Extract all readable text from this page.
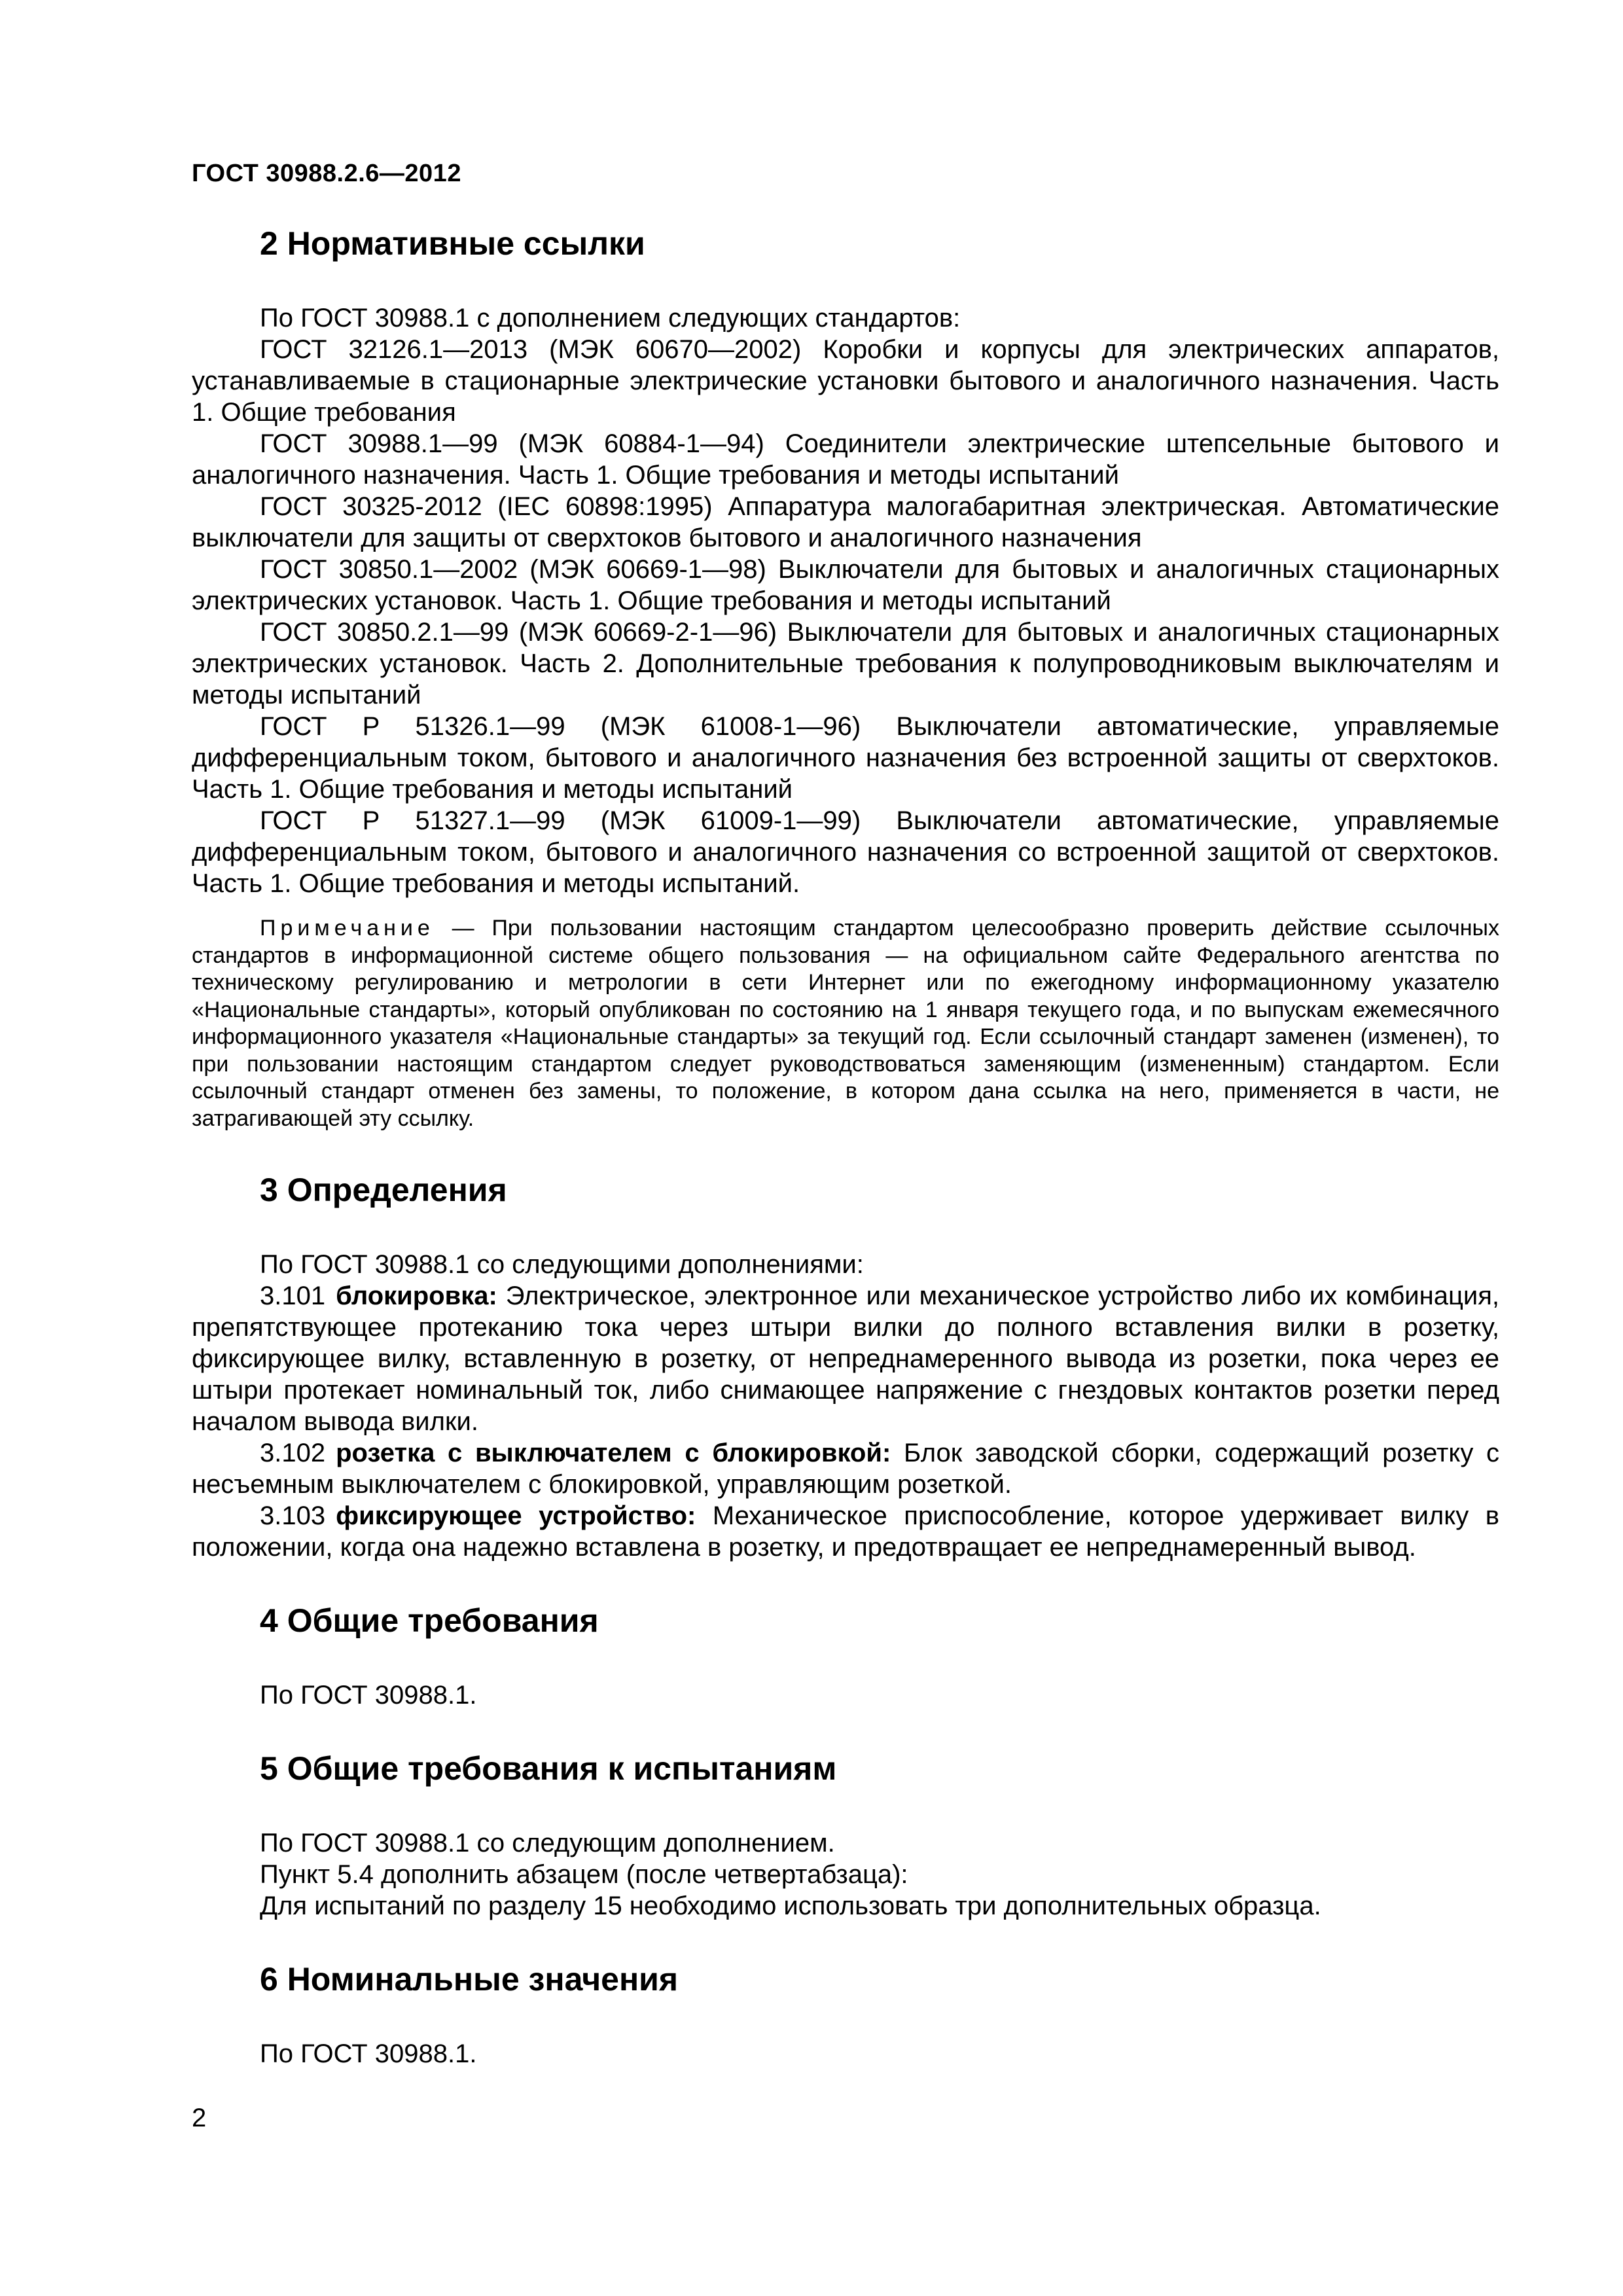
ГОСТ 30988.2.6—2012
2 Нормативные ссылки

По ГОСТ 30988.1 с дополнением следующих стандартов:

ГОСТ 32126.1—2013 (МЭК 60670—2002) Коробки и корпусы для электрических аппаратов, устанавливаемые в стационарные электрические установки бытового и аналогичного назначения. Часть 1. Общие требования

ГОСТ 30988.1—99 (МЭК 60884-1—94) Соединители электрические штепсельные бытового и аналогичного назначения. Часть 1. Общие требования и методы испытаний

ГОСТ 30325-2012 (IEC 60898:1995) Аппаратура малогабаритная электрическая. Автоматические выключатели для защиты от сверхтоков бытового и аналогичного назначения

ГОСТ 30850.1—2002 (МЭК 60669-1—98) Выключатели для бытовых и аналогичных стационарных электрических установок. Часть 1. Общие требования и методы испытаний

ГОСТ 30850.2.1—99 (МЭК 60669-2-1—96) Выключатели для бытовых и аналогичных стационарных электрических установок. Часть 2. Дополнительные требования к полупроводниковым выключателям и методы испытаний

ГОСТ Р 51326.1—99 (МЭК 61008-1—96) Выключатели автоматические, управляемые дифференциальным током, бытового и аналогичного назначения без встроенной защиты от сверхтоков. Часть 1. Общие требования и методы испытаний

ГОСТ Р 51327.1—99 (МЭК 61009-1—99) Выключатели автоматические, управляемые дифференциальным током, бытового и аналогичного назначения со встроенной защитой от сверхтоков. Часть 1. Общие требования и методы испытаний.

Примечание — При пользовании настоящим стандартом целесообразно проверить действие ссылочных стандартов в информационной системе общего пользования — на официальном сайте Федерального агентства по техническому регулированию и метрологии в сети Интернет или по ежегодному информационному указателю «Национальные стандарты», который опубликован по состоянию на 1 января текущего года, и по выпускам ежемесячного информационного указателя «Национальные стандарты» за текущий год. Если ссылочный стандарт заменен (изменен), то при пользовании настоящим стандартом следует руководствоваться заменяющим (измененным) стандартом. Если ссылочный стандарт отменен без замены, то положение, в котором дана ссылка на него, применяется в части, не затрагивающей эту ссылку.

3 Определения

По ГОСТ 30988.1 со следующими дополнениями:

3.101 блокировка: Электрическое, электронное или механическое устройство либо их комбинация, препятствующее протеканию тока через штыри вилки до полного вставления вилки в розетку, фиксирующее вилку, вставленную в розетку, от непреднамеренного вывода из розетки, пока через ее штыри протекает номинальный ток, либо снимающее напряжение с гнездовых контактов розетки перед началом вывода вилки.

3.102 розетка с выключателем с блокировкой: Блок заводской сборки, содержащий розетку с несъемным выключателем с блокировкой, управляющим розеткой.

3.103 фиксирующее устройство: Механическое приспособление, которое удерживает вилку в положении, когда она надежно вставлена в розетку, и предотвращает ее непреднамеренный вывод.

4 Общие требования

По ГОСТ 30988.1.

5 Общие требования к испытаниям

По ГОСТ 30988.1 со следующим дополнением.

Пункт 5.4 дополнить абзацем (после четвертабзаца):

Для испытаний по разделу 15 необходимо использовать три дополнительных образца.

6 Номинальные значения

По ГОСТ 30988.1.

2
